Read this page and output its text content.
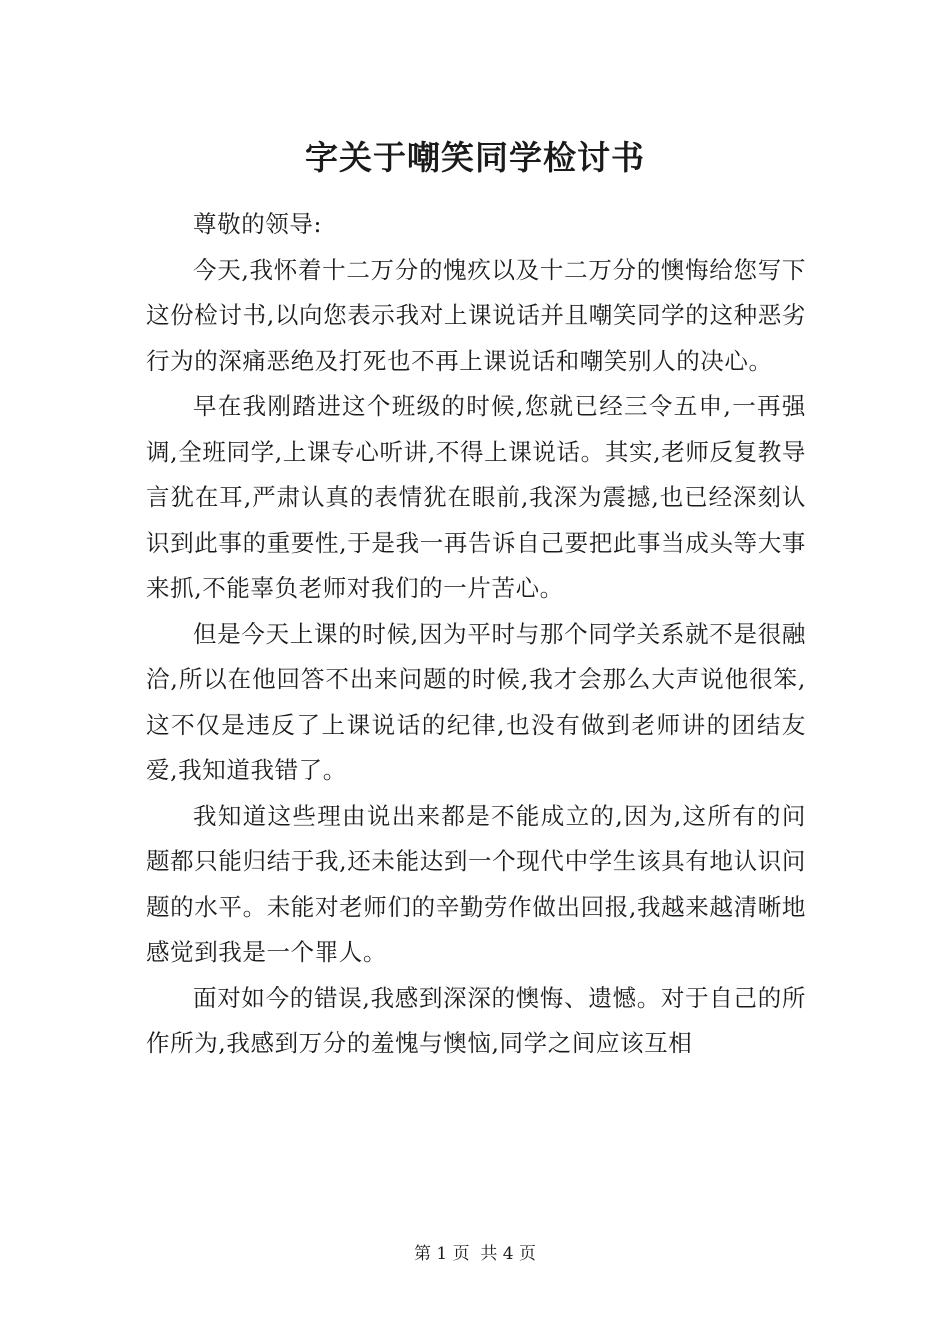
字关于嘲笑同学检讨书

尊敬的领导:

今天,我怀着十二万分的愧疚以及十二万分的懊悔给您写下这份检讨书,以向您表示我对上课说话并且嘲笑同学的这种恶劣行为的深痛恶绝及打死也不再上课说话和嘲笑别人的决心。

早在我刚踏进这个班级的时候,您就已经三令五申,一再强调,全班同学,上课专心听讲,不得上课说话。其实,老师反复教导言犹在耳,严肃认真的表情犹在眼前,我深为震撼,也已经深刻认识到此事的重要性,于是我一再告诉自己要把此事当成头等大事来抓,不能辜负老师对我们的一片苦心。

但是今天上课的时候,因为平时与那个同学关系就不是很融洽,所以在他回答不出来问题的时候,我才会那么大声说他很笨,这不仅是违反了上课说话的纪律,也没有做到老师讲的团结友爱,我知道我错了。

我知道这些理由说出来都是不能成立的,因为,这所有的问题都只能归结于我,还未能达到一个现代中学生该具有地认识问题的水平。未能对老师们的辛勤劳作做出回报,我越来越清晰地感觉到我是一个罪人。

面对如今的错误,我感到深深的懊悔、遗憾。对于自己的所作所为,我感到万分的羞愧与懊恼,同学之间应该互相

第 1 页  共 4 页
